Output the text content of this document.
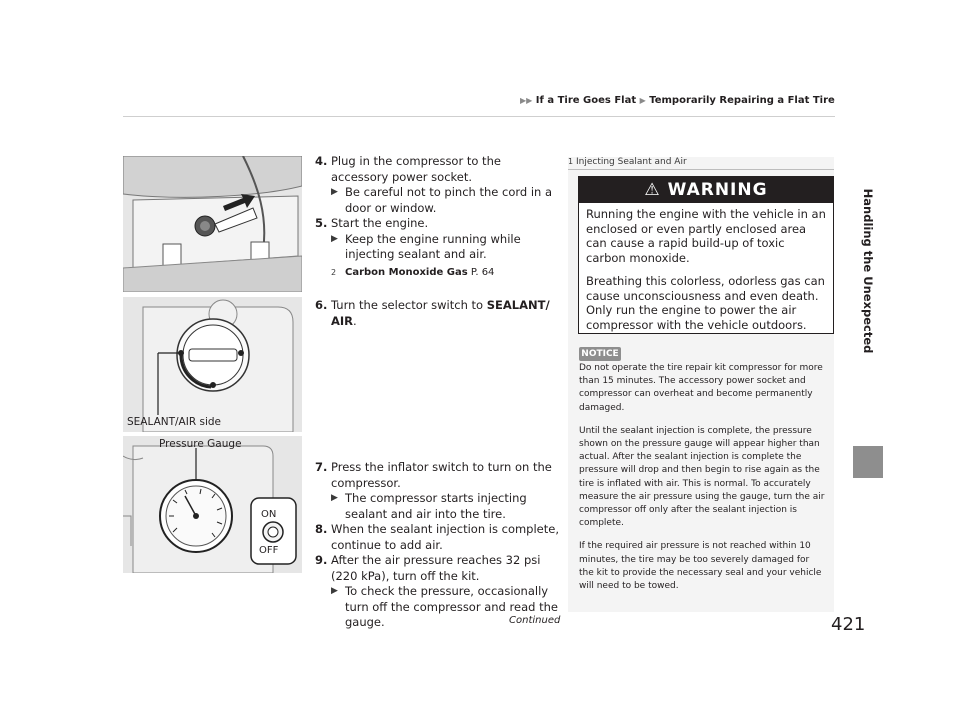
▶▶ If a Tire Goes Flat ▶ Temporarily Repairing a Flat Tire
Handling the Unexpected
SEALANT/AIR side
Pressure Gauge
ON
OFF
4. Plug in the compressor to the accessory power socket.
▶ Be careful not to pinch the cord in a door or window.
5. Start the engine.
▶ Keep the engine running while injecting sealant and air.
2 Carbon Monoxide Gas P. 64
6. Turn the selector switch to SEALANT/ AIR.
7. Press the inflator switch to turn on the compressor.
▶ The compressor starts injecting sealant and air into the tire.
8. When the sealant injection is complete, continue to add air.
9. After the air pressure reaches 32 psi (220 kPa), turn off the kit.
▶ To check the pressure, occasionally turn off the compressor and read the gauge.
1 Injecting Sealant and Air
⚠ WARNING

Running the engine with the vehicle in an enclosed or even partly enclosed area can cause a rapid build-up of toxic carbon monoxide.

Breathing this colorless, odorless gas can cause unconsciousness and even death. Only run the engine to power the air compressor with the vehicle outdoors.

NOTICE

Do not operate the tire repair kit compressor for more than 15 minutes. The accessory power socket and compressor can overheat and become permanently damaged.

Until the sealant injection is complete, the pressure shown on the pressure gauge will appear higher than actual. After the sealant injection is complete the pressure will drop and then begin to rise again as the tire is inflated with air. This is normal. To accurately measure the air pressure using the gauge, turn the air compressor off only after the sealant injection is complete.

If the required air pressure is not reached within 10 minutes, the tire may be too severely damaged for the kit to provide the necessary seal and your vehicle will need to be towed.

Continued	421
